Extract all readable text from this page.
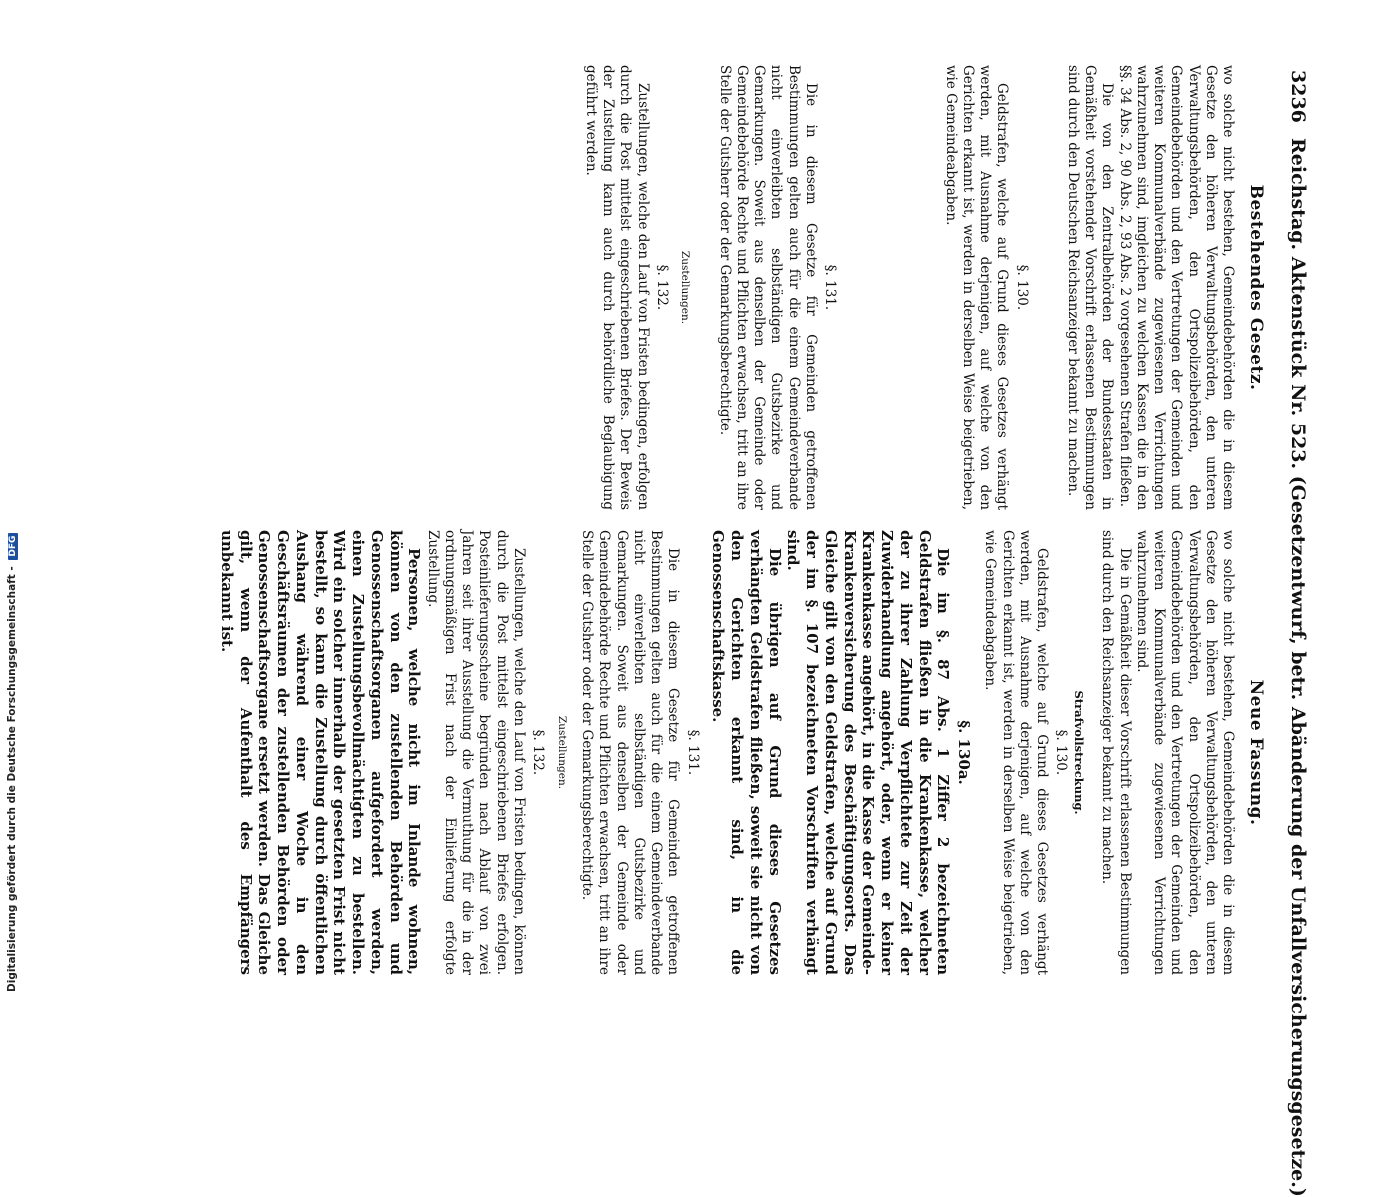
3236
Reichstag. Aktenstück Nr. 523. (Gesetzentwurf, betr. Abänderung der Unfallversicherungsgesetze.)
Bestehendes Gesetz.

wo solche nicht bestehen, Gemeindebehörden die in diesem Gesetze den höheren Verwaltungsbehörden, den unteren Verwaltungsbehörden, den Ortspolizeibehörden, den Gemeindebehörden und den Vertretungen der Gemeinden und weiteren Kommunalverbände zugewiesenen Verrichtungen wahrzunehmen sind, imgleichen zu welchen Kassen die in den §§. 34 Abs. 2, 90 Abs. 2, 93 Abs. 2 vorgesehenen Strafen fließen.

Die von den Zentralbehörden der Bundesstaaten in Gemäßheit vorstehender Vorschrift erlassenen Bestimmungen sind durch den Deutschen Reichsanzeiger bekannt zu machen.

§. 130.

Geldstrafen, welche auf Grund dieses Gesetzes verhängt werden, mit Ausnahme derjenigen, auf welche von den Gerichten erkannt ist, werden in derselben Weise beigetrieben, wie Gemeindeabgaben.

§. 131.

Die in diesem Gesetze für Gemeinden getroffenen Bestimmungen gelten auch für die einem Gemeindeverbande nicht einverleibten selbständigen Gutsbezirke und Gemarkungen. Soweit aus denselben der Gemeinde oder Gemeindebehörde Rechte und Pflichten erwachsen, tritt an ihre Stelle der Gutsherr oder der Gemarkungsberechtigte.

Zustellungen.
§. 132.

Zustellungen, welche den Lauf von Fristen bedingen, erfolgen durch die Post mittelst eingeschriebenen Briefes. Der Beweis der Zustellung kann auch durch behördliche Beglaubigung geführt werden.

Neue Fassung.

wo solche nicht bestehen, Gemeindebehörden die in diesem Gesetze den höheren Verwaltungsbehörden, den unteren Verwaltungsbehörden, den Ortspolizeibehörden, den Gemeindebehörden und den Vertretungen der Gemeinden und weiteren Kommunalverbände zugewiesenen Verrichtungen wahrzunehmen sind.

Die in Gemäßheit dieser Vorschrift erlassenen Bestimmungen sind durch den Reichsanzeiger bekannt zu machen.

Strafvollstreckung.
§. 130.

Geldstrafen, welche auf Grund dieses Gesetzes verhängt werden, mit Ausnahme derjenigen, auf welche von den Gerichten erkannt ist, werden in derselben Weise beigetrieben, wie Gemeindeabgaben.

§. 130a.

Die im §. 87 Abs. 1 Ziffer 2 bezeichneten Geldstrafen fließen in die Krankenkasse, welcher der zu ihrer Zahlung Verpflichtete zur Zeit der Zuwiderhandlung angehört, oder, wenn er keiner Krankenkasse angehört, in die Kasse der Gemeinde-Krankenversicherung des Beschäftigungsorts. Das Gleiche gilt von den Geldstrafen, welche auf Grund der im §. 107 bezeichneten Vorschriften verhängt sind.

Die übrigen auf Grund dieses Gesetzes verhängten Geldstrafen fließen, soweit sie nicht von den Gerichten erkannt sind, in die Genossenschaftskasse.

§. 131.

Die in diesem Gesetze für Gemeinden getroffenen Bestimmungen gelten auch für die einem Gemeindeverbande nicht einverleibten selbständigen Gutsbezirke und Gemarkungen. Soweit aus denselben der Gemeinde oder Gemeindebehörde Rechte und Pflichten erwachsen, tritt an ihre Stelle der Gutsherr oder der Gemarkungsberechtigte.

Zustellungen.
§. 132.

Zustellungen, welche den Lauf von Fristen bedingen, können durch die Post mittelst eingeschriebenen Briefes erfolgen. Posteinlieferungsscheine begründen nach Ablauf von zwei Jahren seit ihrer Ausstellung die Vermuthung für die in der ordnungsmäßigen Frist nach der Einlieferung erfolgte Zustellung.

Personen, welche nicht im Inlande wohnen, können von den zustellenden Behörden und Genossenschaftsorganen aufgefordert werden, einen Zustellungsbevollmächtigten zu bestellen. Wird ein solcher innerhalb der gesetzten Frist nicht bestellt, so kann die Zustellung durch öffentlichen Aushang während einer Woche in den Geschäftsräumen der zustellenden Behörden oder Genossenschaftsorgane ersetzt werden. Das Gleiche gilt, wenn der Aufenthalt des Empfängers unbekannt ist.

Digitalisierung gefördert durch die Deutsche Forschungsgemeinschaft - DFG
